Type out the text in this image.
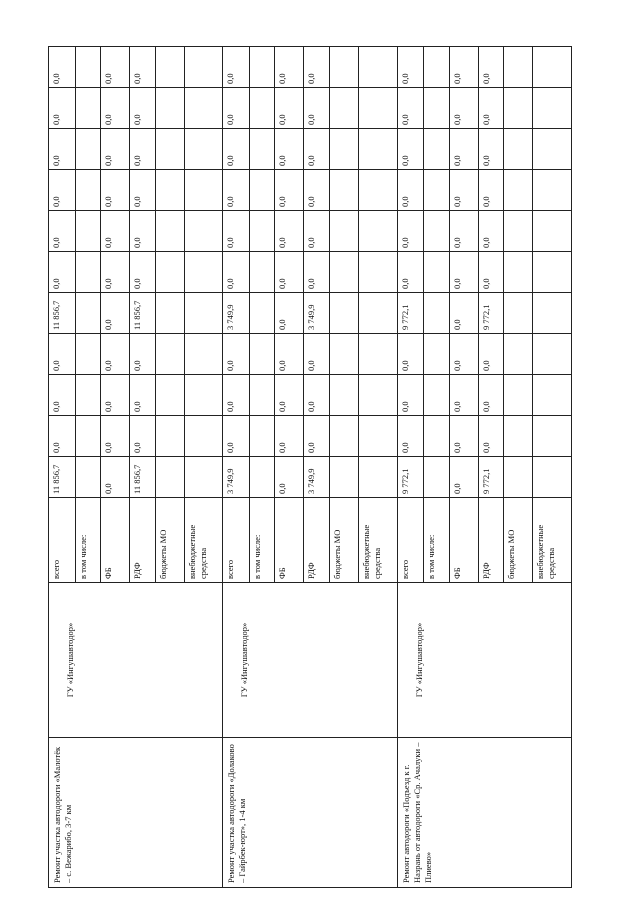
Ремонт участка автодороги «Малотёк – с. Вежарибо, 3-7 км	ГУ «Ингушавтодор»	всего	11 856,7	0,0	0,0	0,0	11 856,7	0,0	0,0	0,0	0,0	0,0	0,0
		в том числе:											
		ФБ	0,0	0,0	0,0	0,0	0,0	0,0	0,0	0,0	0,0	0,0	0,0
		РДФ	11 856,7	0,0	0,0	0,0	11 856,7	0,0	0,0	0,0	0,0	0,0	0,0
		бюджеты МО											
		внебюджетные средства											
Ремонт участка автодороги «Долаково – Гайрбек-юрт», 1-4 км	ГУ «Ингушавтодор»	всего	3 749,9	0,0	0,0	0,0	3 749,9	0,0	0,0	0,0	0,0	0,0	0,0
		в том числе:											
		ФБ	0,0	0,0	0,0	0,0	0,0	0,0	0,0	0,0	0,0	0,0	0,0
		РДФ	3 749,9	0,0	0,0	0,0	3 749,9	0,0	0,0	0,0	0,0	0,0	0,0
		бюджеты МО											
		внебюджетные средства											
Ремонт автодороги «Подъезд к г. Назрань от автодороги «Ср. Ачалуки – Плиево»	ГУ «Ингушавтодор»	всего	9 772,1	0,0	0,0	0,0	9 772,1	0,0	0,0	0,0	0,0	0,0	0,0
		в том числе:											
		ФБ	0,0	0,0	0,0	0,0	0,0	0,0	0,0	0,0	0,0	0,0	0,0
		РДФ	9 772,1	0,0	0,0	0,0	9 772,1	0,0	0,0	0,0	0,0	0,0	0,0
		бюджеты МО											
		внебюджетные средства											
